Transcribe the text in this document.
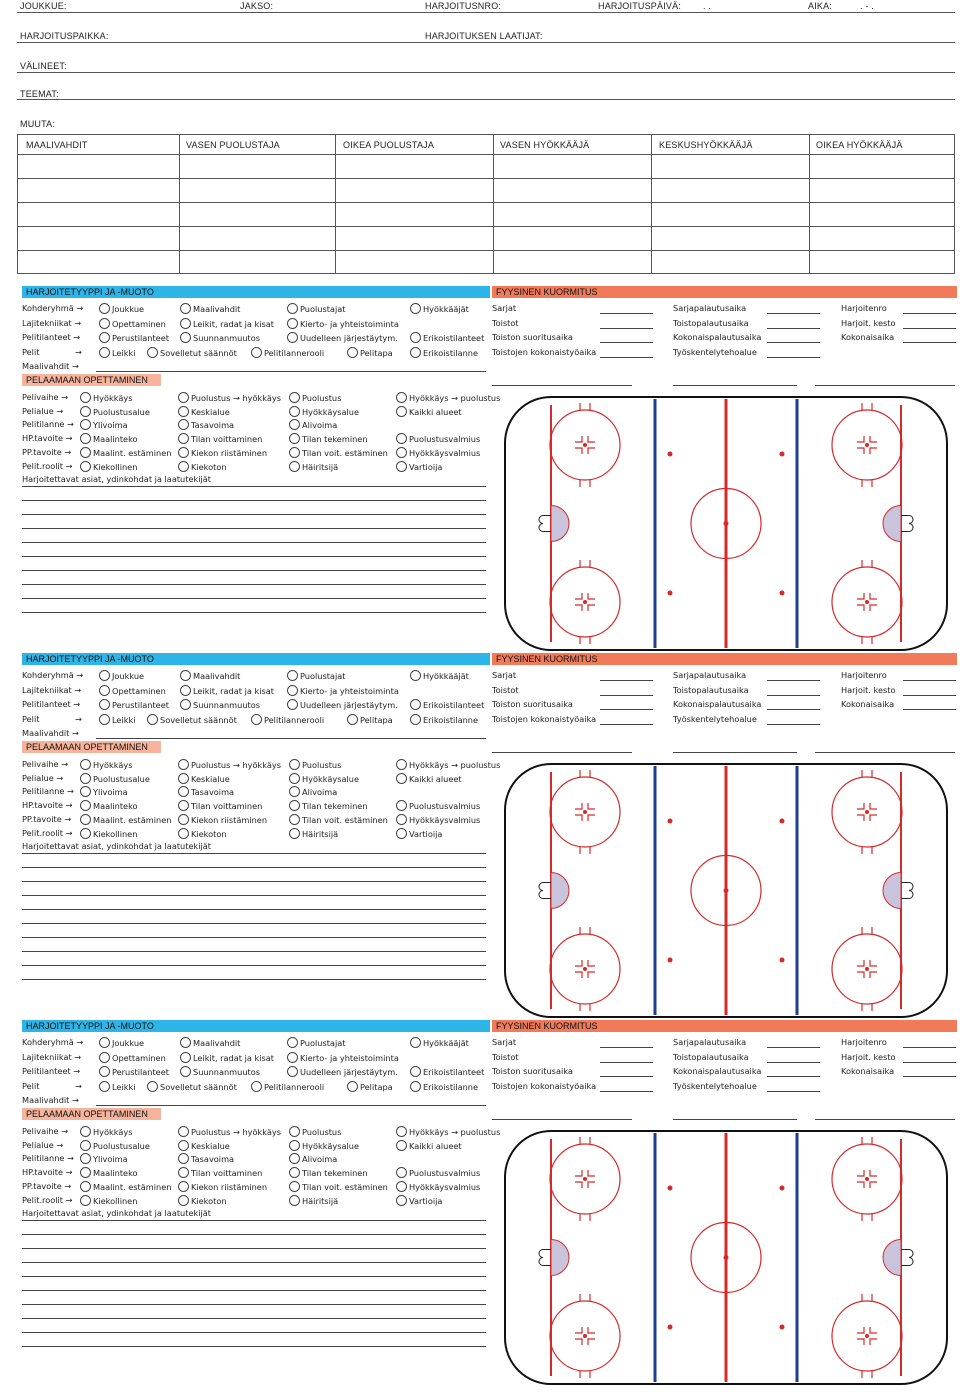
JOUKKUE:	JAKSO:	HARJOITUSNRO:	HARJOITUSPÄIVÄ: . .	AIKA:	. - .
HARJOITUSPAIKKA:	HARJOITUKSEN LAATIJAT:
VÄLINEET:
TEEMAT:
MUUTA:
MAALIVAHDIT	VASEN PUOLUSTAJA	OIKEA PUOLUSTAJA	VASEN HYÖKKÄÄJÄ	KESKUSHYÖKKÄÄJÄ	OIKEA HYÖKKÄÄJÄ
HARJOITETYYPPI JA -MUOTO	FYYSINEN KUORMITUS
Kohderyhmä →	Joukkue	Maalivahdit	Puolustajat	Hyökkääjät
Lajitekniikat →	Opettaminen	Leikit, radat ja kisat	Kierto- ja yhteistoiminta
Pelitilanteet →	Perustilanteet	Suunnanmuutos	Uudelleen järjestäytym.	Erikoistilanteet
Pelit	→	Leikki	Sovelletut säännöt	Pelitilannerooli	Pelitapa	Erikoistilanne
Maalivahdit →
Sarjat	Sarjapalautusaika	Harjoitenro
Toistot	Toistopalautusaika	Harjoit. kesto
Toiston suoritusaika	Kokonaispalautusaika	Kokonaisaika
Toistojen kokonaistyöaika	Työskentelytehoalue
PELAAMAAN OPETTAMINEN
Pelivaihe →	Hyökkäys	Puolustus → hyökkäys	Puolustus	Hyökkäys → puolustus
Pelialue →	Puolustusalue	Keskialue	Hyökkäysalue	Kaikki alueet
Pelitilanne →	Ylivoima	Tasavoima	Alivoima
HP.tavoite →	Maalinteko	Tilan voittaminen	Tilan tekeminen	Puolustusvalmius
PP.tavoite →	Maalint. estäminen	Kiekon riistäminen	Tilan voit. estäminen	Hyökkäysvalmius
Pelit.roolit →	Kiekollinen	Kiekoton	Häiritsijä	Vartioija
Harjoitettavat asiat, ydinkohdat ja laatutekijät
HARJOITETYYPPI JA -MUOTO	FYYSINEN KUORMITUS
Kohderyhmä →	Joukkue	Maalivahdit	Puolustajat	Hyökkääjät
Lajitekniikat →	Opettaminen	Leikit, radat ja kisat	Kierto- ja yhteistoiminta
Pelitilanteet →	Perustilanteet	Suunnanmuutos	Uudelleen järjestäytym.	Erikoistilanteet
Pelit	→	Leikki	Sovelletut säännöt	Pelitilannerooli	Pelitapa	Erikoistilanne
Maalivahdit →
Sarjat	Sarjapalautusaika	Harjoitenro
Toistot	Toistopalautusaika	Harjoit. kesto
Toiston suoritusaika	Kokonaispalautusaika	Kokonaisaika
Toistojen kokonaistyöaika	Työskentelytehoalue
PELAAMAAN OPETTAMINEN
Pelivaihe →	Hyökkäys	Puolustus → hyökkäys	Puolustus	Hyökkäys → puolustus
Pelialue →	Puolustusalue	Keskialue	Hyökkäysalue	Kaikki alueet
Pelitilanne →	Ylivoima	Tasavoima	Alivoima
HP.tavoite →	Maalinteko	Tilan voittaminen	Tilan tekeminen	Puolustusvalmius
PP.tavoite →	Maalint. estäminen	Kiekon riistäminen	Tilan voit. estäminen	Hyökkäysvalmius
Pelit.roolit →	Kiekollinen	Kiekoton	Häiritsijä	Vartioija
Harjoitettavat asiat, ydinkohdat ja laatutekijät
HARJOITETYYPPI JA -MUOTO	FYYSINEN KUORMITUS
Kohderyhmä →	Joukkue	Maalivahdit	Puolustajat	Hyökkääjät
Lajitekniikat →	Opettaminen	Leikit, radat ja kisat	Kierto- ja yhteistoiminta
Pelitilanteet →	Perustilanteet	Suunnanmuutos	Uudelleen järjestäytym.	Erikoistilanteet
Pelit	→	Leikki	Sovelletut säännöt	Pelitilannerooli	Pelitapa	Erikoistilanne
Maalivahdit →
Sarjat	Sarjapalautusaika	Harjoitenro
Toistot	Toistopalautusaika	Harjoit. kesto
Toiston suoritusaika	Kokonaispalautusaika	Kokonaisaika
Toistojen kokonaistyöaika	Työskentelytehoalue
PELAAMAAN OPETTAMINEN
Pelivaihe →	Hyökkäys	Puolustus → hyökkäys	Puolustus	Hyökkäys → puolustus
Pelialue →	Puolustusalue	Keskialue	Hyökkäysalue	Kaikki alueet
Pelitilanne →	Ylivoima	Tasavoima	Alivoima
HP.tavoite →	Maalinteko	Tilan voittaminen	Tilan tekeminen	Puolustusvalmius
PP.tavoite →	Maalint. estäminen	Kiekon riistäminen	Tilan voit. estäminen	Hyökkäysvalmius
Pelit.roolit →	Kiekollinen	Kiekoton	Häiritsijä	Vartioija
Harjoitettavat asiat, ydinkohdat ja laatutekijät
